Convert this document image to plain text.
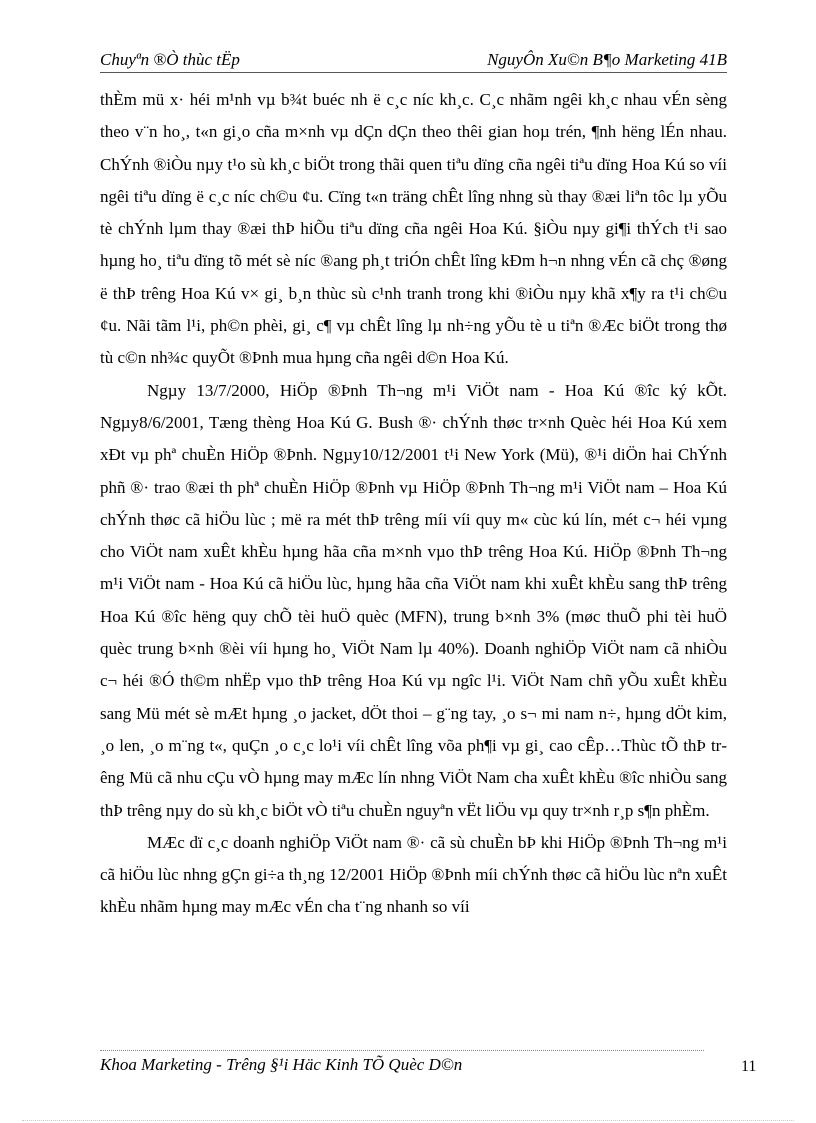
Chuyªn ®Ò thùc tËp	NguyÔn Xu©n B¶o Marketing 41B

thÈm mü x· héi m¹nh vµ b¾t buéc nh ë c¸c níc kh¸c. C¸c nhãm ngêi kh¸c nhau vÉn sèng theo v¨n ho¸, t«n gi¸o cña m×nh vµ dÇn dÇn theo thêi gian hoµ trén, ¶nh hëng lÉn nhau. ChÝnh ®iÒu nµy t¹o sù kh¸c biÖt trong thãi quen tiªu dïng cña ngêi tiªu dïng Hoa Kú so víi ngêi tiªu dïng ë c¸c níc ch©u ¢u. Cïng t«n träng chÊt lîng nhng sù thay ®æi liªn tôc lµ yÕu tè chÝnh lµm thay ®æi thÞ hiÕu tiªu dïng cña ngêi Hoa Kú. §iÒu nµy gi¶i thÝch t¹i sao hµng ho¸ tiªu dïng tõ mét sè níc ®ang ph¸t triÓn chÊt lîng kÐm h¬n nhng vÉn cã chç ®øng ë thÞ trêng Hoa Kú v× gi¸ b¸n thùc sù c¹nh tranh trong khi ®iÒu nµy khã x¶y ra t¹i ch©u ¢u. Nãi tãm l¹i, ph©n phèi, gi¸ c¶ vµ chÊt lîng lµ nh÷ng yÕu tè u tiªn ®Æc biÖt trong thø tù c©n nh¾c quyÕt ®Þnh mua hµng cña ngêi d©n Hoa Kú.

Ngµy 13/7/2000, HiÖp ®Þnh Th¬ng m¹i ViÖt nam - Hoa Kú ®îc ký kÕt. Ngµy8/6/2001, Tæng thèng Hoa Kú G. Bush ®· chÝnh thøc tr×nh Quèc héi Hoa Kú xem xÐt vµ phª chuÈn HiÖp ®Þnh. Ngµy10/12/2001 t¹i New York (Mü), ®¹i diÖn hai ChÝnh phñ ®· trao ®æi th phª chuÈn HiÖp ®Þnh vµ HiÖp ®Þnh Th¬ng m¹i ViÖt nam – Hoa Kú chÝnh thøc cã hiÖu lùc ; më ra mét thÞ trêng míi víi quy m« cùc kú lín, mét c¬ héi vµng cho ViÖt nam xuÊt khÈu hµng hãa cña m×nh vµo thÞ trêng Hoa Kú. HiÖp ®Þnh Th¬ng m¹i ViÖt nam - Hoa Kú cã hiÖu lùc, hµng hãa cña ViÖt nam khi xuÊt khÈu sang thÞ trêng Hoa Kú ®îc hëng quy chÕ tèi huÖ quèc (MFN), trung b×nh 3% (møc thuÕ phi tèi huÖ quèc trung b×nh ®èi víi hµng ho¸ ViÖt Nam lµ 40%). Doanh nghiÖp ViÖt nam cã nhiÒu c¬ héi ®Ó th©m nhËp vµo thÞ trêng Hoa Kú vµ ngîc l¹i. ViÖt Nam chñ yÕu xuÊt khÈu sang Mü mét sè mÆt hµng ¸o jacket, dÖt thoi – g¨ng tay, ¸o s¬ mi nam n÷, hµng dÖt kim, ¸o len, ¸o m¨ng t«, quÇn ¸o c¸c lo¹i víi chÊt lîng võa ph¶i vµ gi¸ cao cÊp…Thùc tÕ thÞ trêng Mü cã nhu cÇu vÒ hµng may mÆc lín nhng ViÖt Nam cha xuÊt khÈu ®îc nhiÒu sang thÞ trêng nµy do sù kh¸c biÖt vÒ tiªu chuÈn nguyªn vËt liÖu vµ quy tr×nh r¸p s¶n phÈm.

MÆc dï c¸c doanh nghiÖp ViÖt nam ®· cã sù chuÈn bÞ khi HiÖp ®Þnh Th¬ng m¹i cã hiÖu lùc nhng gÇn gi÷a th¸ng 12/2001 HiÖp ®Þnh míi chÝnh thøc cã hiÖu lùc nªn xuÊt khÈu nhãm hµng may mÆc vÉn cha t¨ng nhanh so víi

Khoa Marketing - Trêng §¹i Häc Kinh TÕ Quèc D©n	11
